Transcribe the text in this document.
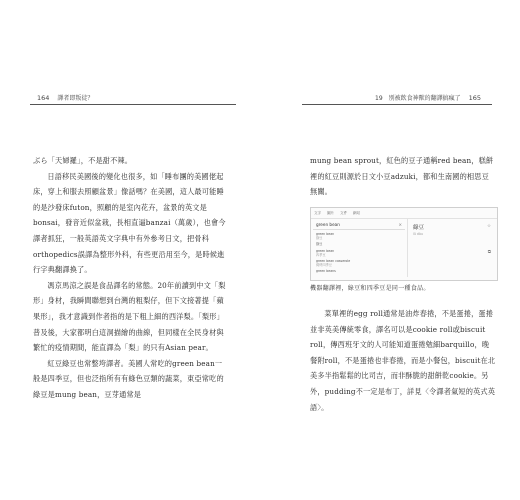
164 譯者即叛徒？	19　別被飲食神獸的翻譯搞瘋了 165

ぶら「天婦羅」，不是甜不辣。

日語移民美國後的變化也很多，如「睡布團的美國佬起床，穿上和服去照顧盆景」像話嗎？在美國，這人最可能睡的是沙發床futon，照顧的是室內花卉，盆景的英文是bonsai，發音近似盆栽，長相直逼banzai（萬歲），也會今譯者抓狂，一般英語英文字典中有外參考日文，把骨科orthopedics誤譯為整形外科，有些更沿用至今，是時候進行字典翻譯換了。

馮京馬涼之誤是食品譯名的常態。20年前讀到中文「梨形」身材，我瞬間聯想到台灣的粗梨仔，但下文接著提「蘋果形」，我才意識到作者指的是下粗上細的西洋梨。「梨形」普及後，大家都明白這洞描繪的曲線，但同樣在全民身材與繁忙的疫情期間，能直譯為「梨」的只有Asian pear。

紅豆綠豆也常整垮譯者。美國人常吃的green bean一般是四季豆，但也泛指所有有綠色豆類的蔬菜，東亞常吃的綠豆是mung bean，豆芽通常是

mung bean sprout，紅色的豆子通稱red bean，糕餅裡的紅豆則源於日文小豆adzuki，都和生南國的相思豆無關。

文字 圖片 文件 網站
green bean	×
green bean
綠豆
綠豆
green bean
四季豆
green bean casserole
焗烤四季豆
green beans
綠豆
lǜ dòu
☆
⧉
機器翻譯裡，綠豆和四季豆是同一種食品。

菜單裡的egg roll通常是油炸春捲，不是蛋捲，蛋捲並非英美傳統零食，譯名可以是cookie roll或biscuit roll，傳西班牙文的人可能知道蛋捲勉細barquillo，晚餐附roll，不是蛋捲也非春捲，而是小餐包，biscuit在北美多半指鬆鬆的比司吉，而非酥脆的甜餅乾cookie。另外，pudding不一定是布丁，詳見〈令譯者氣短的英式英語〉。
